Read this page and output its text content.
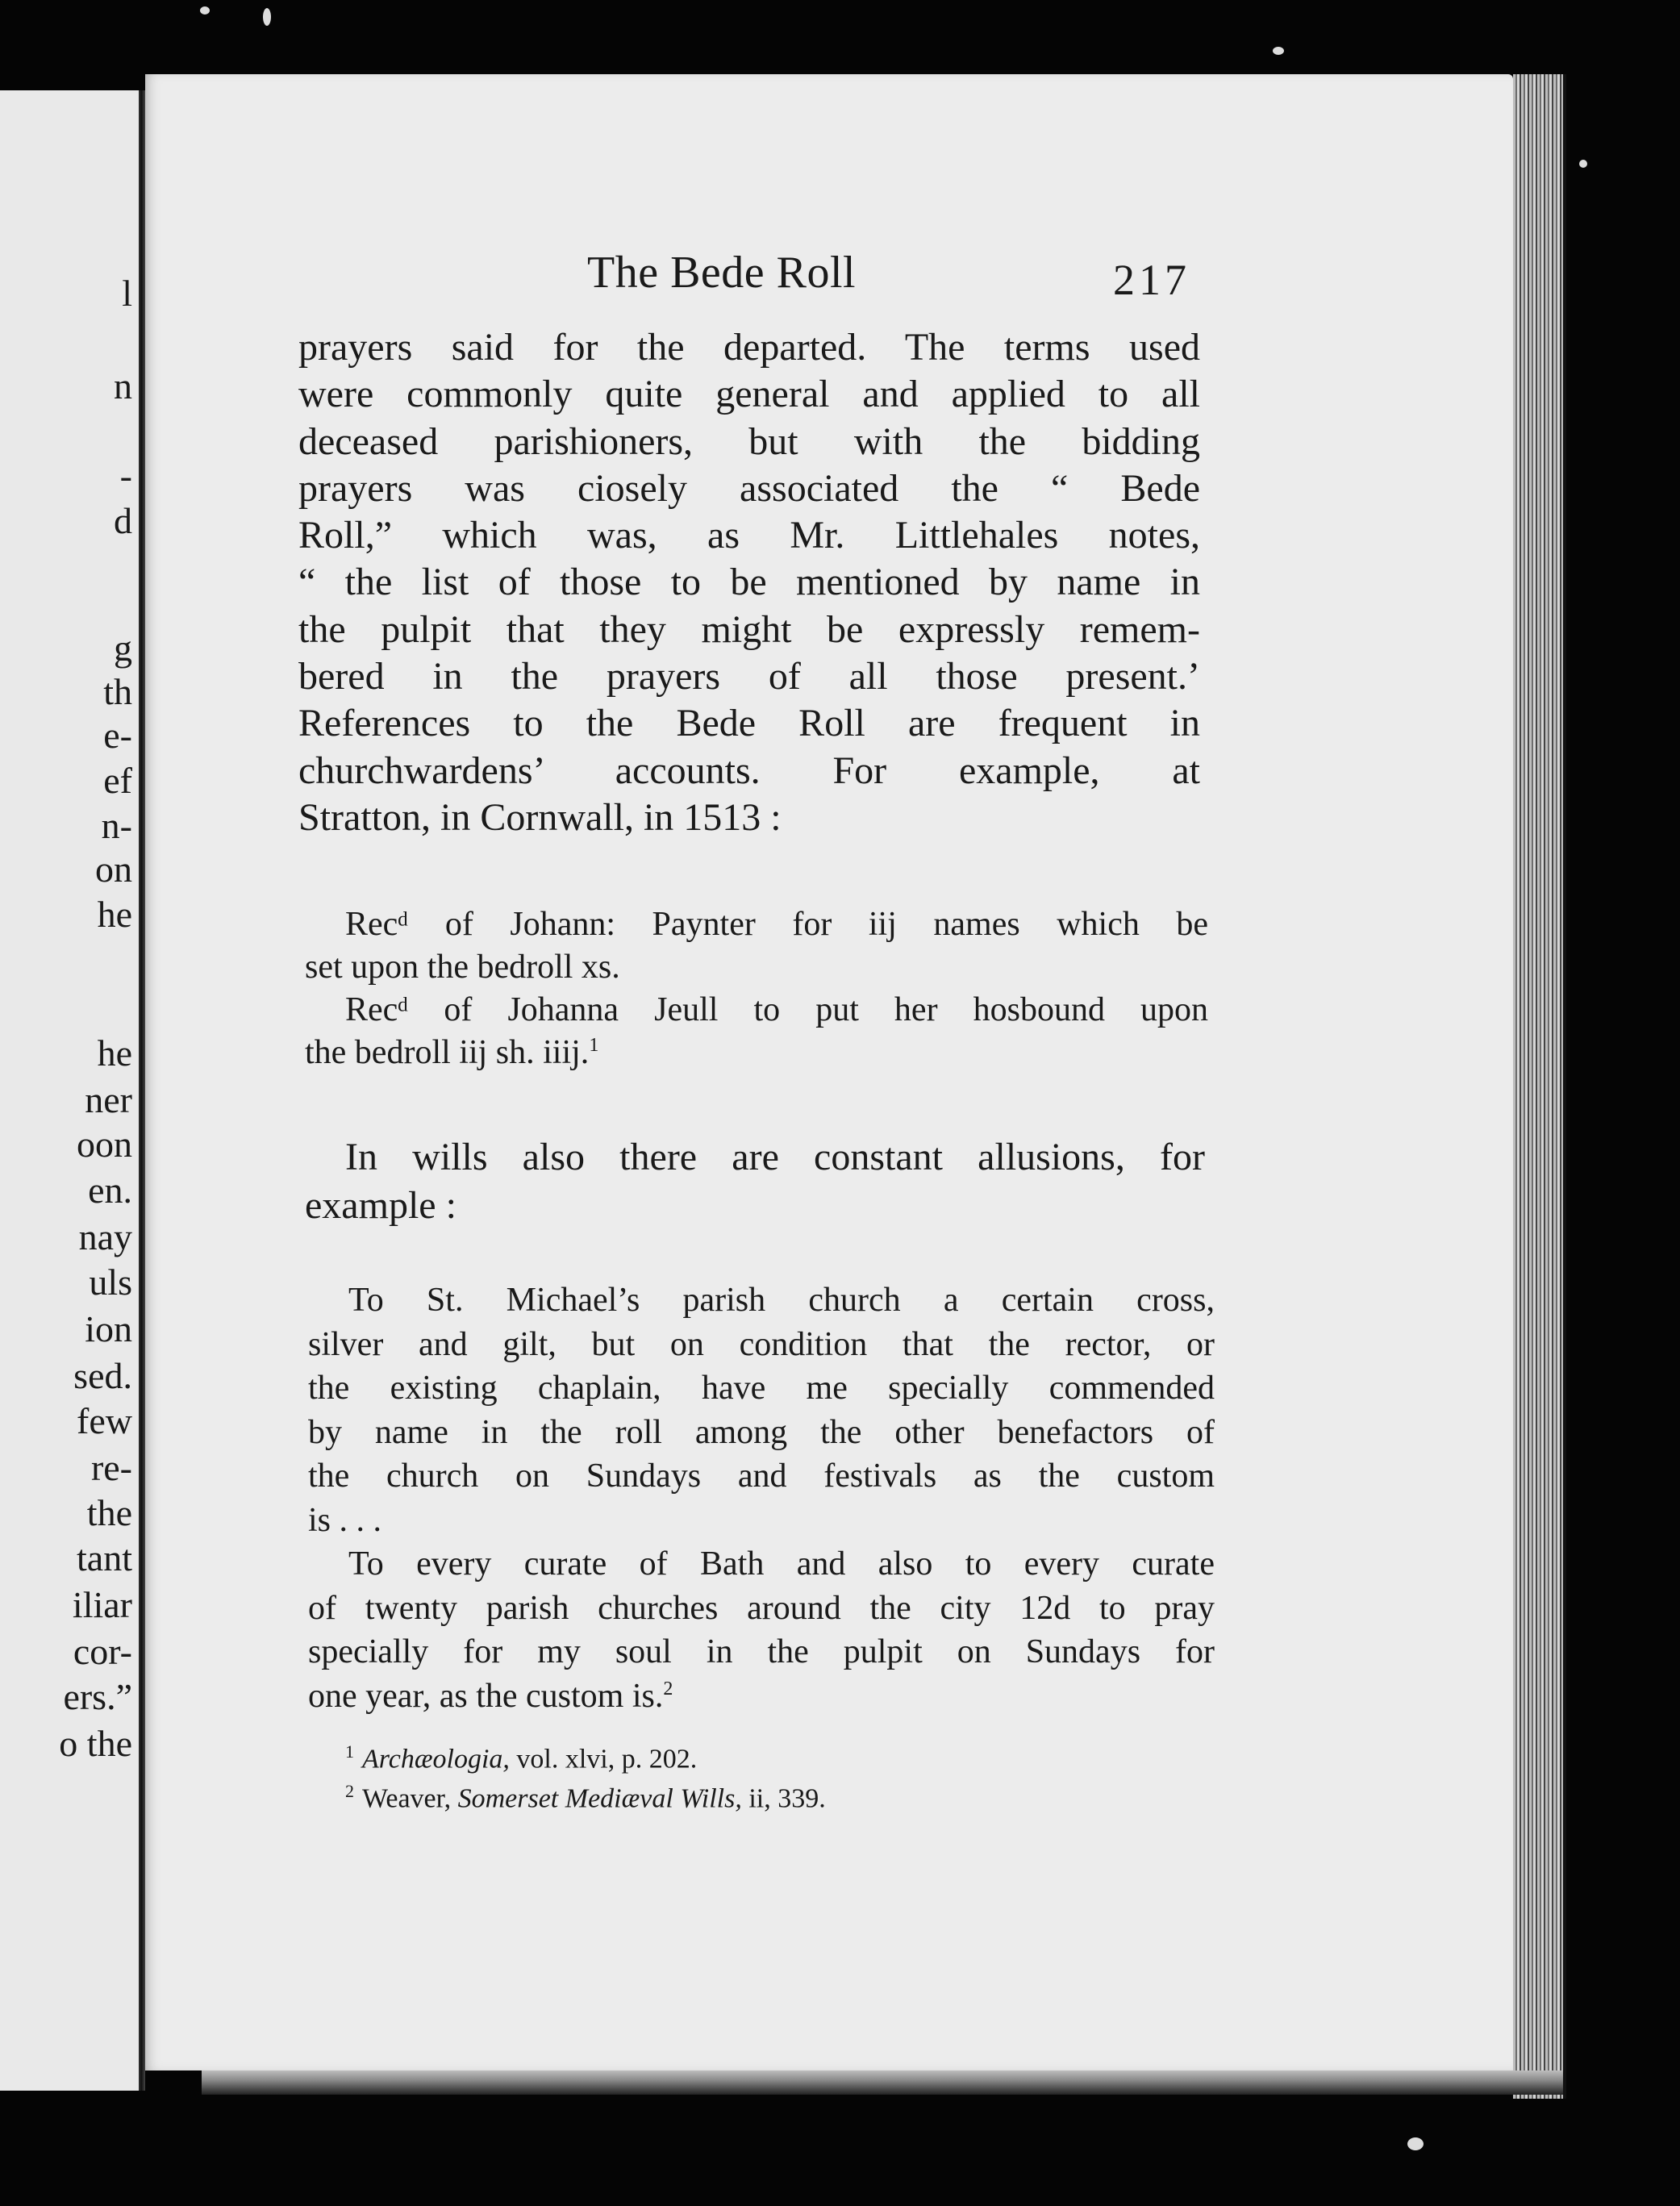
l
n
-
d
g
th
e-
ef
n-
on
he
he
ner
oon
en.
nay
uls
ion
sed.
few
re-
the
tant
iliar
cor-
ers.”
o the
The Bede Roll	217
prayers said for the departed. The terms used
were commonly quite general and applied to all
deceased parishioners, but with the bidding
prayers was ciosely associated the “ Bede
Roll,” which was, as Mr. Littlehales notes,
“ the list of those to be mentioned by name in
the pulpit that they might be expressly remem-
bered in the prayers of all those present.’
References to the Bede Roll are frequent in
churchwardens’ accounts. For example, at
Stratton, in Cornwall, in 1513 :
Recᵈ of Johann: Paynter for iij names which be
set upon the bedroll xs.
Recᵈ of Johanna Jeull to put her hosbound upon
the bedroll iij sh. iiij.$^1$
In wills also there are constant allusions, for
example :
To St. Michael’s parish church a certain cross,
silver and gilt, but on condition that the rector, or
the existing chaplain, have me specially commended
by name in the roll among the other benefactors of
the church on Sundays and festivals as the custom
is . . .
To every curate of Bath and also to every curate
of twenty parish churches around the city 12d to pray
specially for my soul in the pulpit on Sundays for
one year, as the custom is.$^2$
$^1$ Archæologia, vol. xlvi, p. 202.
$^2$ Weaver, Somerset Mediæval Wills, ii, 339.
